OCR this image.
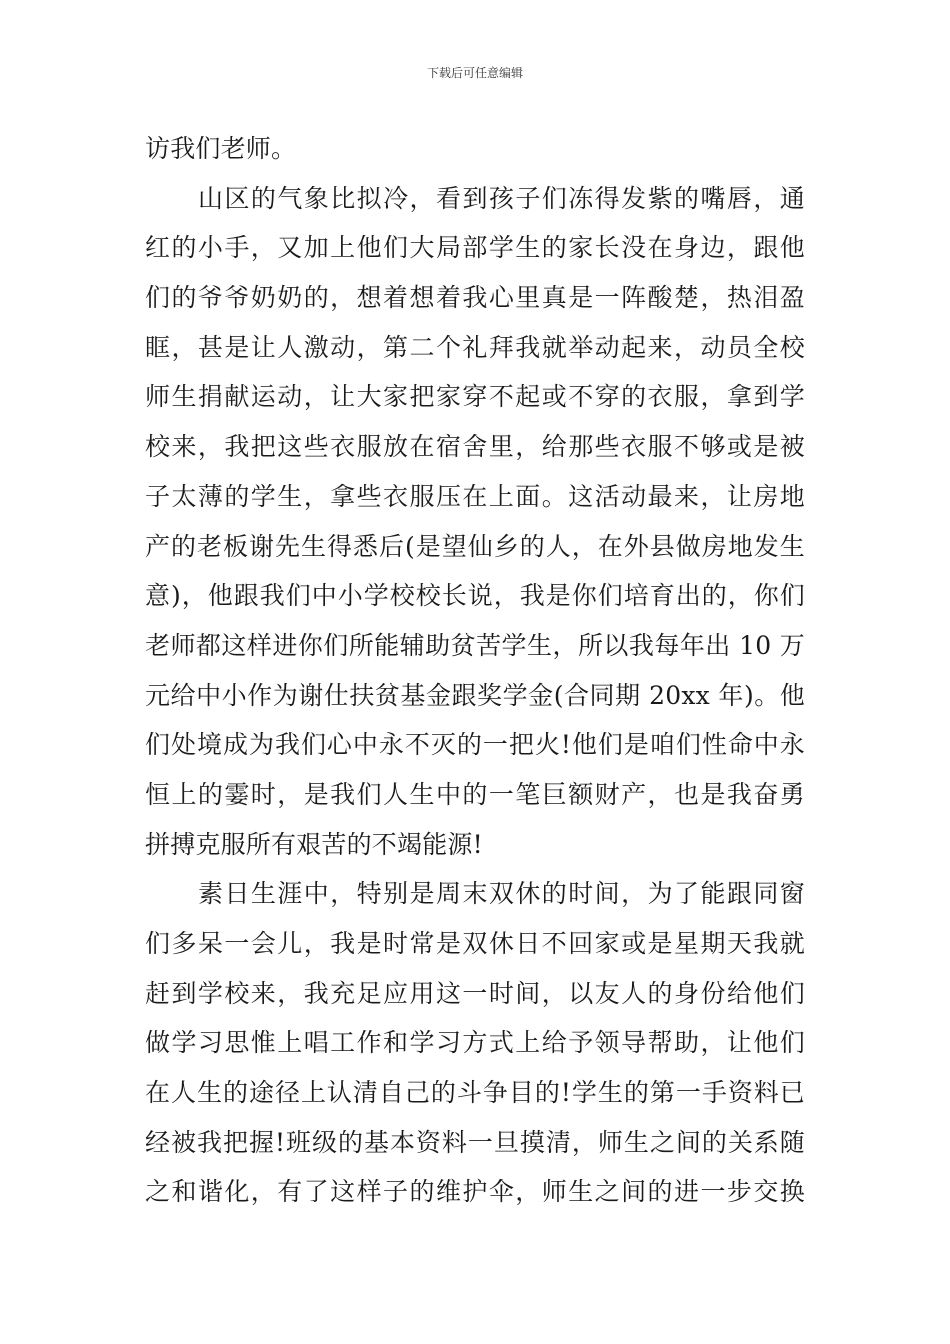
下载后可任意编辑
访我们老师。
山区的气象比拟冷，看到孩子们冻得发紫的嘴唇，通
红的小手，又加上他们大局部学生的家长没在身边，跟他
们的爷爷奶奶的，想着想着我心里真是一阵酸楚，热泪盈
眶，甚是让人激动，第二个礼拜我就举动起来，动员全校
师生捐献运动，让大家把家穿不起或不穿的衣服，拿到学
校来，我把这些衣服放在宿舍里，给那些衣服不够或是被
子太薄的学生，拿些衣服压在上面。这活动最来，让房地
产的老板谢先生得悉后(是望仙乡的人，在外县做房地发生
意)，他跟我们中小学校校长说，我是你们培育出的，你们
老师都这样进你们所能辅助贫苦学生，所以我每年出 10 万
元给中小作为谢仕扶贫基金跟奖学金(合同期 20xx 年)。他
们处境成为我们心中永不灭的一把火!他们是咱们性命中永
恒上的霎时，是我们人生中的一笔巨额财产，也是我奋勇
拼搏克服所有艰苦的不竭能源!
素日生涯中，特别是周末双休的时间，为了能跟同窗
们多呆一会儿，我是时常是双休日不回家或是星期天我就
赶到学校来，我充足应用这一时间，以友人的身份给他们
做学习思惟上唱工作和学习方式上给予领导帮助，让他们
在人生的途径上认清自己的斗争目的!学生的第一手资料已
经被我把握!班级的基本资料一旦摸清，师生之间的关系随
之和谐化，有了这样子的维护伞，师生之间的进一步交换
